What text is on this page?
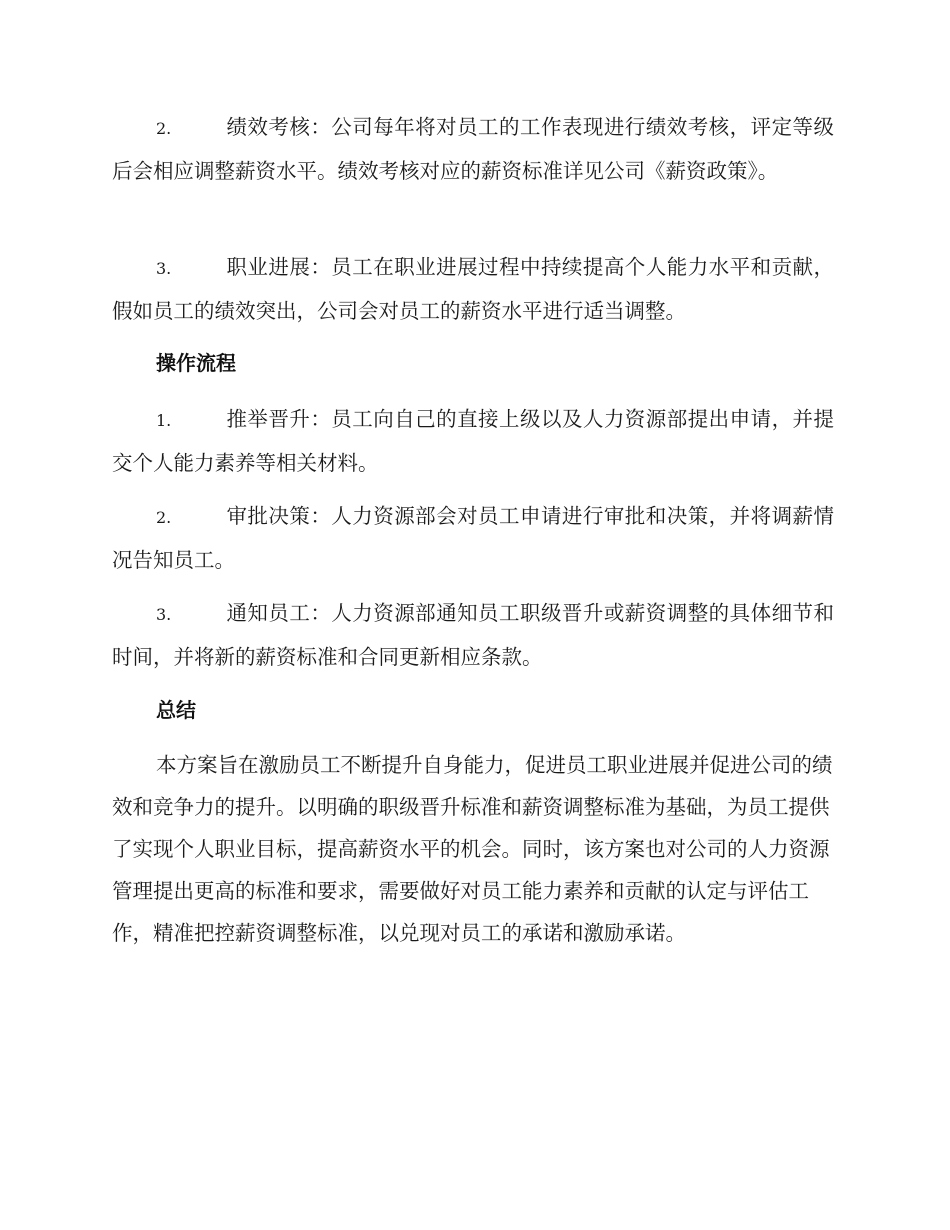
2.	绩效考核：公司每年将对员工的工作表现进行绩效考核，评定等级后会相应调整薪资水平。绩效考核对应的薪资标准详见公司《薪资政策》。

3.	职业进展：员工在职业进展过程中持续提高个人能力水平和贡献，假如员工的绩效突出，公司会对员工的薪资水平进行适当调整。

操作流程

1.	推举晋升：员工向自己的直接上级以及人力资源部提出申请，并提交个人能力素养等相关材料。

2.	审批决策：人力资源部会对员工申请进行审批和决策，并将调薪情况告知员工。

3.	通知员工：人力资源部通知员工职级晋升或薪资调整的具体细节和时间，并将新的薪资标准和合同更新相应条款。

总结

本方案旨在激励员工不断提升自身能力，促进员工职业进展并促进公司的绩效和竞争力的提升。以明确的职级晋升标准和薪资调整标准为基础，为员工提供了实现个人职业目标，提高薪资水平的机会。同时，该方案也对公司的人力资源管理提出更高的标准和要求，需要做好对员工能力素养和贡献的认定与评估工作，精准把控薪资调整标准，以兑现对员工的承诺和激励承诺。
